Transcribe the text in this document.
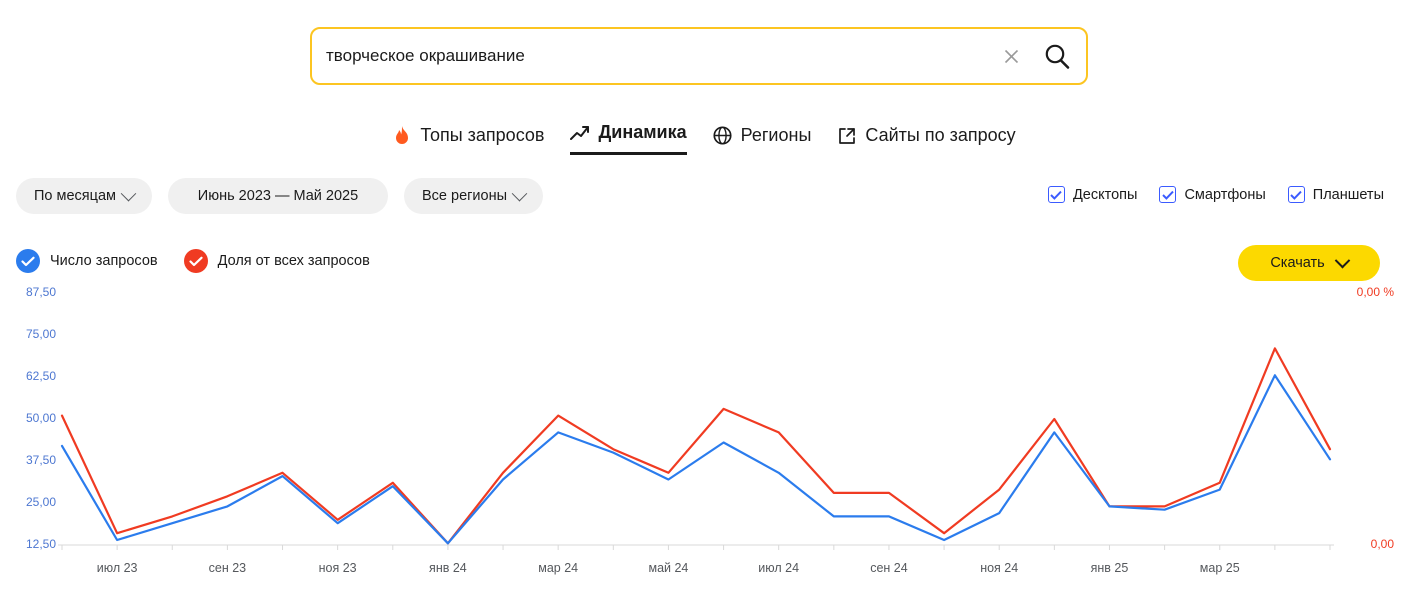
творческое окрашивание
Топы запросов	Динамика	Регионы	Сайты по запросу
По месяцам	Июнь 2023 — Май 2025	Все регионы	Десктопы	Смартфоны	Планшеты
Число запросов	Доля от всех запросов	Скачать
87,50
75,00
62,50
50,00
37,50
25,00
12,50
0,00 %
0,00
июл 23	сен 23	ноя 23	янв 24	мар 24	май 24	июл 24	сен 24	ноя 24	янв 25	мар 25
